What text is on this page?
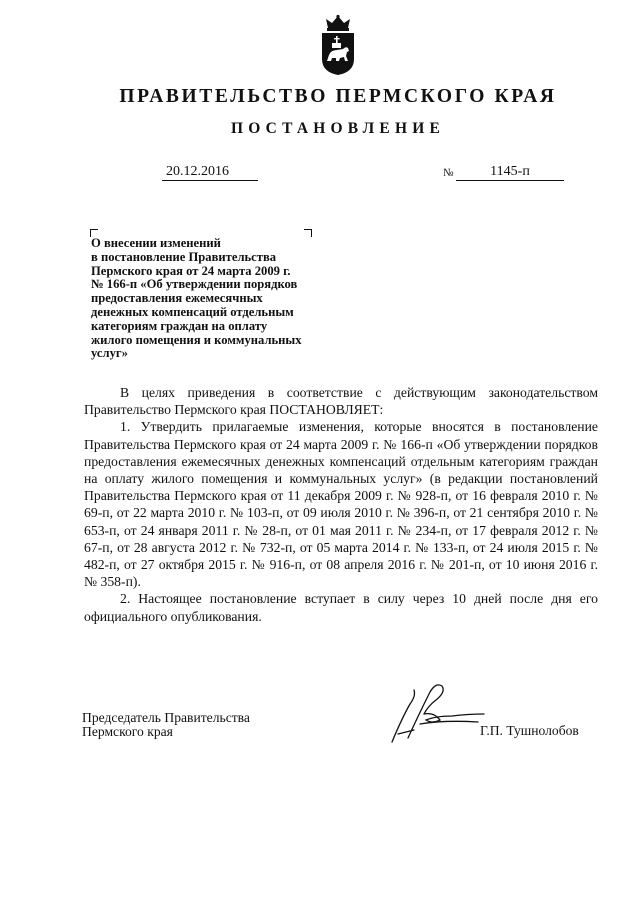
ПРАВИТЕЛЬСТВО ПЕРМСКОГО КРАЯ
ПОСТАНОВЛЕНИЕ
20.12.2016	№	1145-п
О внесении изменений
в постановление Правительства
Пермского края от 24 марта 2009 г.
№ 166-п «Об утверждении порядков
предоставления ежемесячных
денежных компенсаций отдельным
категориям граждан на оплату
жилого помещения и коммунальных
услуг»

В целях приведения в соответствие с действующим законодательством Правительство Пермского края ПОСТАНОВЛЯЕТ:

1. Утвердить прилагаемые изменения, которые вносятся в постановление Правительства Пермского края от 24 марта 2009 г. № 166-п «Об утверждении порядков предоставления ежемесячных денежных компенсаций отдельным категориям граждан на оплату жилого помещения и коммунальных услуг» (в редакции постановлений Правительства Пермского края от 11 декабря 2009 г. № 928-п, от 16 февраля 2010 г. № 69-п, от 22 марта 2010 г. № 103-п, от 09 июля 2010 г. № 396-п, от 21 сентября 2010 г. № 653-п, от 24 января 2011 г. № 28-п, от 01 мая 2011 г. № 234-п, от 17 февраля 2012 г. № 67-п, от 28 августа 2012 г. № 732-п, от 05 марта 2014 г. № 133-п, от 24 июля 2015 г. № 482-п, от 27 октября 2015 г. № 916-п, от 08 апреля 2016 г. № 201-п, от 10 июня 2016 г. № 358-п).

2. Настоящее постановление вступает в силу через 10 дней после дня его официального опубликования.

Председатель Правительства
Пермского края	Г.П. Тушнолобов
